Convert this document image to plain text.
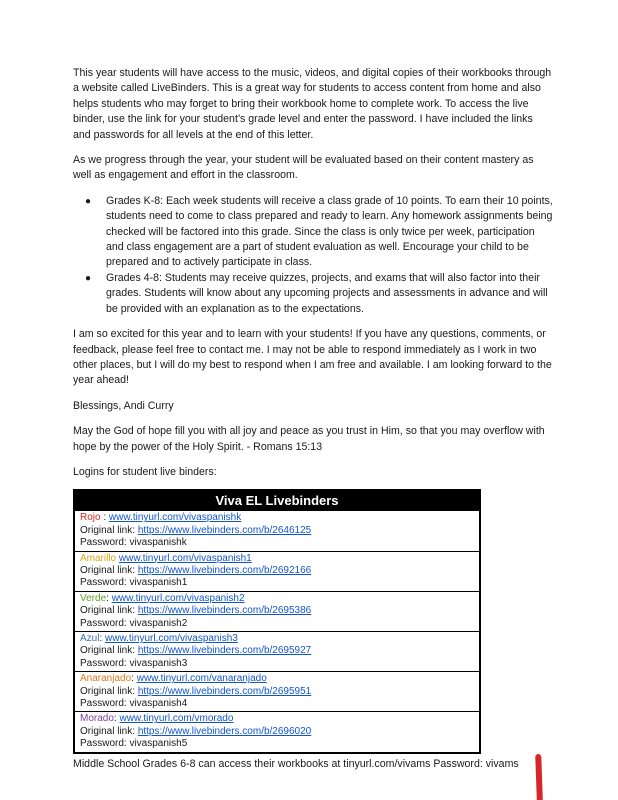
This year students will have access to the music, videos, and digital copies of their workbooks through a website called LiveBinders. This is a great way for students to access content from home and also helps students who may forget to bring their workbook home to complete work. To access the live binder, use the link for your student’s grade level and enter the password. I have included the links and passwords for all levels at the end of this letter.

As we progress through the year, your student will be evaluated based on their content mastery as well as engagement and effort in the classroom.

● Grades K-8: Each week students will receive a class grade of 10 points. To earn their 10 points, students need to come to class prepared and ready to learn. Any homework assignments being checked will be factored into this grade. Since the class is only twice per week, participation and class engagement are a part of student evaluation as well. Encourage your child to be prepared and to actively participate in class.
● Grades 4-8: Students may receive quizzes, projects, and exams that will also factor into their grades. Students will know about any upcoming projects and assessments in advance and will be provided with an explanation as to the expectations.

I am so excited for this year and to learn with your students! If you have any questions, comments, or feedback, please feel free to contact me. I may not be able to respond immediately as I work in two other places, but I will do my best to respond when I am free and available. I am looking forward to the year ahead!

Blessings, Andi Curry

May the God of hope fill you with all joy and peace as you trust in Him, so that you may overflow with hope by the power of the Holy Spirit. - Romans 15:13

Logins for student live binders:

Viva EL Livebinders

Rojo : www.tinyurl.com/vivaspanishk
Original link: https://www.livebinders.com/b/2646125
Password: vivaspanishk

Amarillo www.tinyurl.com/vivaspanish1
Original link: https://www.livebinders.com/b/2692166
Password: vivaspanish1

Verde: www.tinyurl.com/vivaspanish2
Original link: https://www.livebinders.com/b/2695386
Password: vivaspanish2

Azul: www.tinyurl.com/vivaspanish3
Original link: https://www.livebinders.com/b/2695927
Password: vivaspanish3

Anaranjado: www.tinyurl.com/vanaranjado
Original link: https://www.livebinders.com/b/2695951
Password: vivaspanish4

Morado: www.tinyurl.com/vmorado
Original link: https://www.livebinders.com/b/2696020
Password: vivaspanish5
Middle School Grades 6-8 can access their workbooks at tinyurl.com/vivams Password: vivams
